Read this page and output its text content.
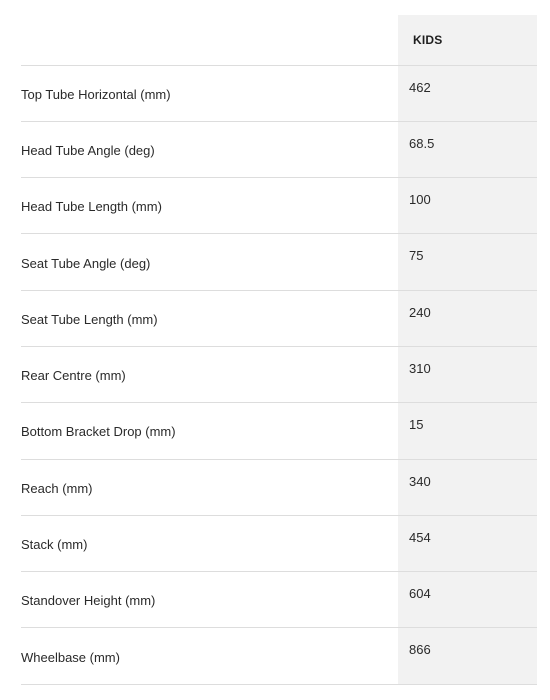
	KIDS
Top Tube Horizontal (mm)	462
Head Tube Angle (deg)	68.5
Head Tube Length (mm)	100
Seat Tube Angle (deg)	75
Seat Tube Length (mm)	240
Rear Centre (mm)	310
Bottom Bracket Drop (mm)	15
Reach (mm)	340
Stack (mm)	454
Standover Height (mm)	604
Wheelbase (mm)	866
